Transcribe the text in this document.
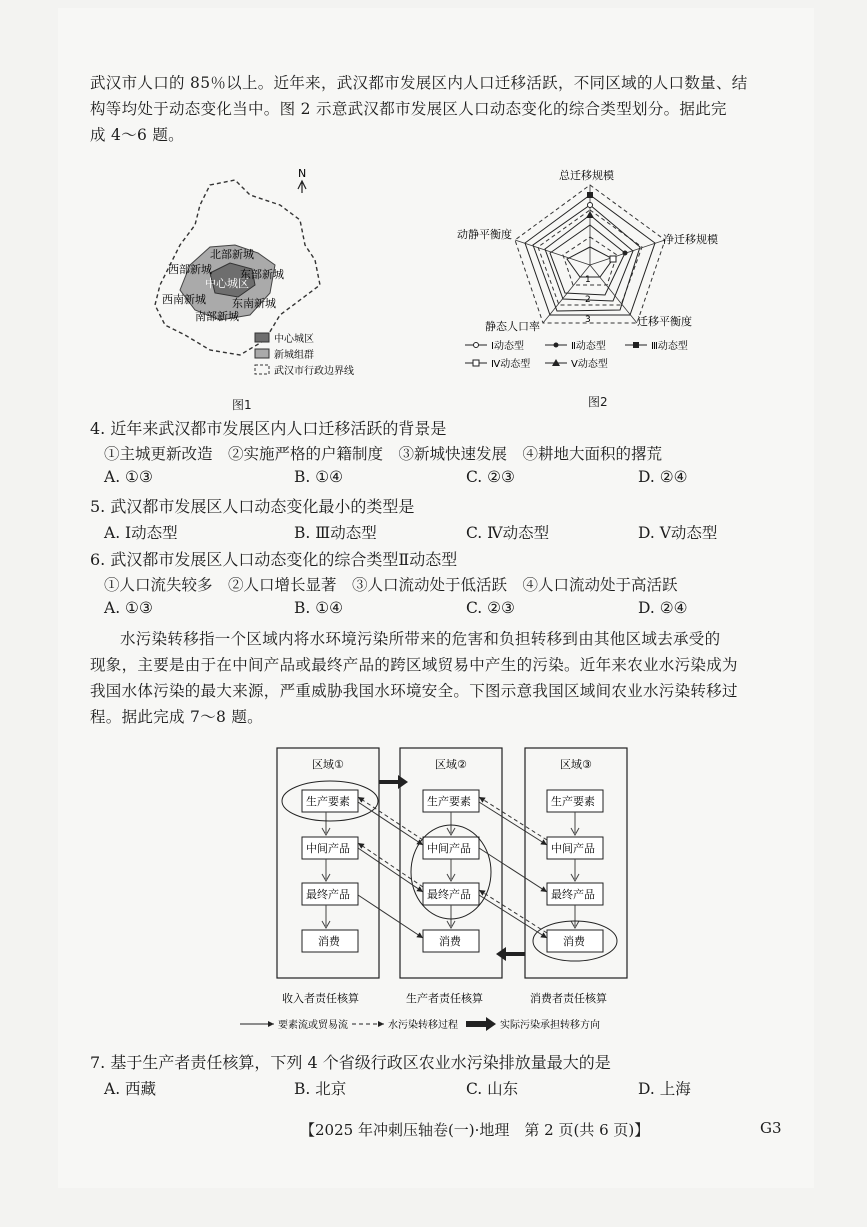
武汉市人口的 85％以上。近年来，武汉都市发展区内人口迁移活跃，不同区域的人口数量、结
构等均处于动态变化当中。图 2 示意武汉都市发展区人口动态变化的综合类型划分。据此完
成 4～6 题。
N
北部新城
西部新城	东部新城
中心城区
西南新城 东南新城
南部新城
中心城区
新城组群
武汉市行政边界线
图1
1
2
3
总迁移规模
净迁移规模
迁移平衡度
静态人口率
动静平衡度
Ⅰ动态型	Ⅱ动态型	Ⅲ动态型
Ⅳ动态型	Ⅴ动态型
图2
4. 近年来武汉都市发展区内人口迁移活跃的背景是
①主城更新改造　②实施严格的户籍制度　③新城快速发展　④耕地大面积的撂荒
A. ①③	B. ①④	C. ②③	D. ②④
5. 武汉都市发展区人口动态变化最小的类型是
A. Ⅰ动态型	B. Ⅲ动态型	C. Ⅳ动态型	D. Ⅴ动态型
6. 武汉都市发展区人口动态变化的综合类型Ⅱ动态型
①人口流失较多　②人口增长显著　③人口流动处于低活跃　④人口流动处于高活跃
A. ①③	B. ①④	C. ②③	D. ②④
水污染转移指一个区域内将水环境污染所带来的危害和负担转移到由其他区域去承受的
现象，主要是由于在中间产品或最终产品的跨区域贸易中产生的污染。近年来农业水污染成为
我国水体污染的最大来源，严重威胁我国水环境安全。下图示意我国区域间农业水污染转移过
程。据此完成 7～8 题。
区域①	区域②	区域③
生产要素
中间产品
最终产品
消费
生产要素
中间产品
最终产品
消费
生产要素
中间产品
最终产品
消费
收入者责任核算	生产者责任核算	消费者责任核算
要素流或贸易流	水污染转移过程	实际污染承担转移方向
7. 基于生产者责任核算，下列 4 个省级行政区农业水污染排放量最大的是
A. 西藏	B. 北京	C. 山东	D. 上海
【2025 年冲刺压轴卷(一)·地理　第 2 页(共 6 页)】	G3
